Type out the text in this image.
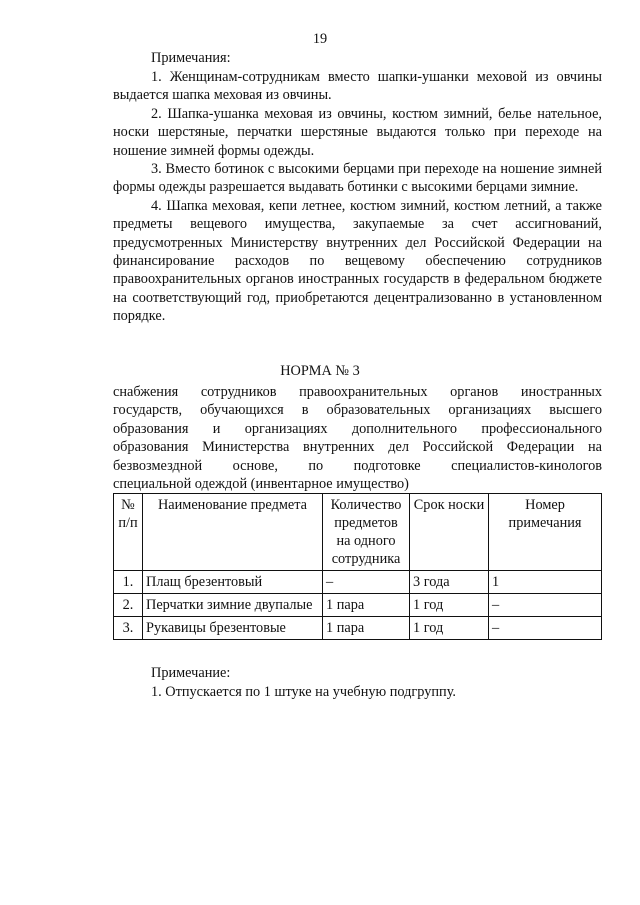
19
Примечания:

1. Женщинам-сотрудникам вместо шапки-ушанки меховой из овчины выдается шапка меховая из овчины.

2. Шапка-ушанка меховая из овчины, костюм зимний, белье нательное, носки шерстяные, перчатки шерстяные выдаются только при переходе на ношение зимней формы одежды.

3. Вместо ботинок с высокими берцами при переходе на ношение зимней формы одежды разрешается выдавать ботинки с высокими берцами зимние.

4. Шапка меховая, кепи летнее, костюм зимний, костюм летний, а также предметы вещевого имущества, закупаемые за счет ассигнований, предусмотренных Министерству внутренних дел Российской Федерации на финансирование расходов по вещевому обеспечению сотрудников правоохранительных органов иностранных государств в федеральном бюджете на соответствующий год, приобретаются децентрализованно в установленном порядке.

НОРМА № 3

снабжения сотрудников правоохранительных органов иностранных

государств, обучающихся в образовательных организациях высшего

образования и организациях дополнительного профессионального

образования Министерства внутренних дел Российской Федерации на

безвозмездной основе, по подготовке специалистов-кинологов

специальной одеждой (инвентарное имущество)

№ п/п	Наименование предмета	Количество предметов на одного сотрудника	Срок носки	Номер примечания
1.	Плащ брезентовый	–	3 года	1
2.	Перчатки зимние двупалые	1 пара	1 год	–
3.	Рукавицы брезентовые	1 пара	1 год	–
Примечание:
1. Отпускается по 1 штуке на учебную подгруппу.
